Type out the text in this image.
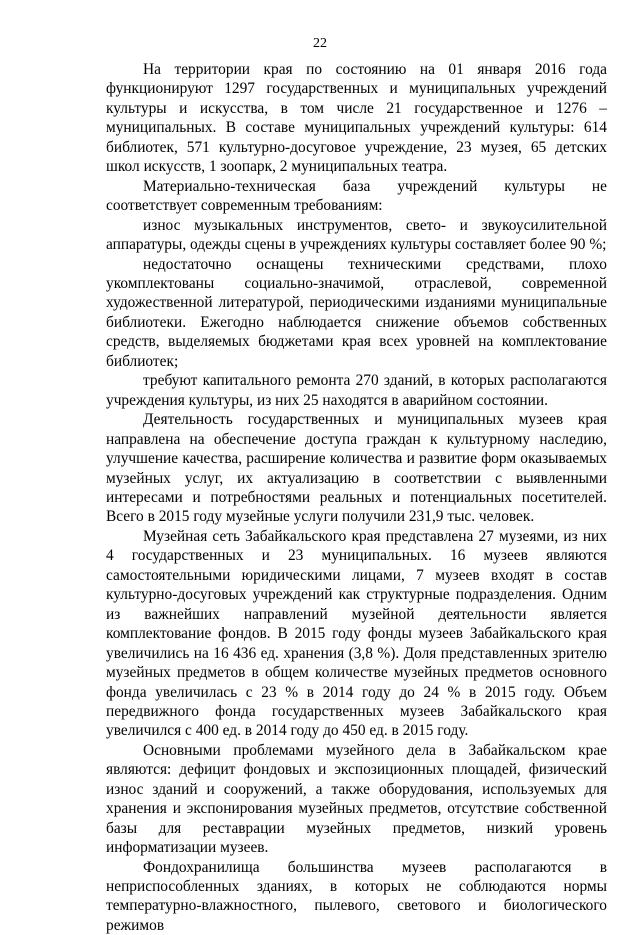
22

На территории края по состоянию на 01 января 2016 года функционируют 1297 государственных и муниципальных учреждений культуры и искусства, в том числе 21 государственное и 1276 – муниципальных. В составе муниципальных учреждений культуры: 614 библиотек, 571 культурно-досуговое учреждение, 23 музея, 65 детских школ искусств, 1 зоопарк, 2 муниципальных театра.

Материально-техническая база учреждений культуры не соответствует современным требованиям:

износ музыкальных инструментов, свето- и звукоусилительной аппаратуры, одежды сцены в учреждениях культуры составляет более 90 %;

недостаточно оснащены техническими средствами, плохо укомплектованы социально-значимой, отраслевой, современной художественной литературой, периодическими изданиями муниципальные библиотеки. Ежегодно наблюдается снижение объемов собственных средств, выделяемых бюджетами края всех уровней на комплектование библиотек;

требуют капитального ремонта 270 зданий, в которых располагаются учреждения культуры, из них 25 находятся в аварийном состоянии.

Деятельность государственных и муниципальных музеев края направлена на обеспечение доступа граждан к культурному наследию, улучшение качества, расширение количества и развитие форм оказываемых музейных услуг, их актуализацию в соответствии с выявленными интересами и потребностями реальных и потенциальных посетителей. Всего в 2015 году музейные услуги получили 231,9 тыс. человек.

Музейная сеть Забайкальского края представлена 27 музеями, из них 4 государственных и 23 муниципальных. 16 музеев являются самостоятельными юридическими лицами, 7 музеев входят в состав культурно-досуговых учреждений как структурные подразделения. Одним из важнейших направлений музейной деятельности является комплектование фондов. В 2015 году фонды музеев Забайкальского края увеличились на 16 436 ед. хранения (3,8 %). Доля представленных зрителю музейных предметов в общем количестве музейных предметов основного фонда увеличилась с 23 % в 2014 году до 24 % в 2015 году. Объем передвижного фонда государственных музеев Забайкальского края увеличился с 400 ед. в 2014 году до 450 ед. в 2015 году.

Основными проблемами музейного дела в Забайкальском крае являются: дефицит фондовых и экспозиционных площадей, физический износ зданий и сооружений, а также оборудования, используемых для хранения и экспонирования музейных предметов, отсутствие собственной базы для реставрации музейных предметов, низкий уровень информатизации музеев.

Фондохранилища большинства музеев располагаются в неприспособленных зданиях, в которых не соблюдаются нормы температурно-влажностного, пылевого, светового и биологического режимов
